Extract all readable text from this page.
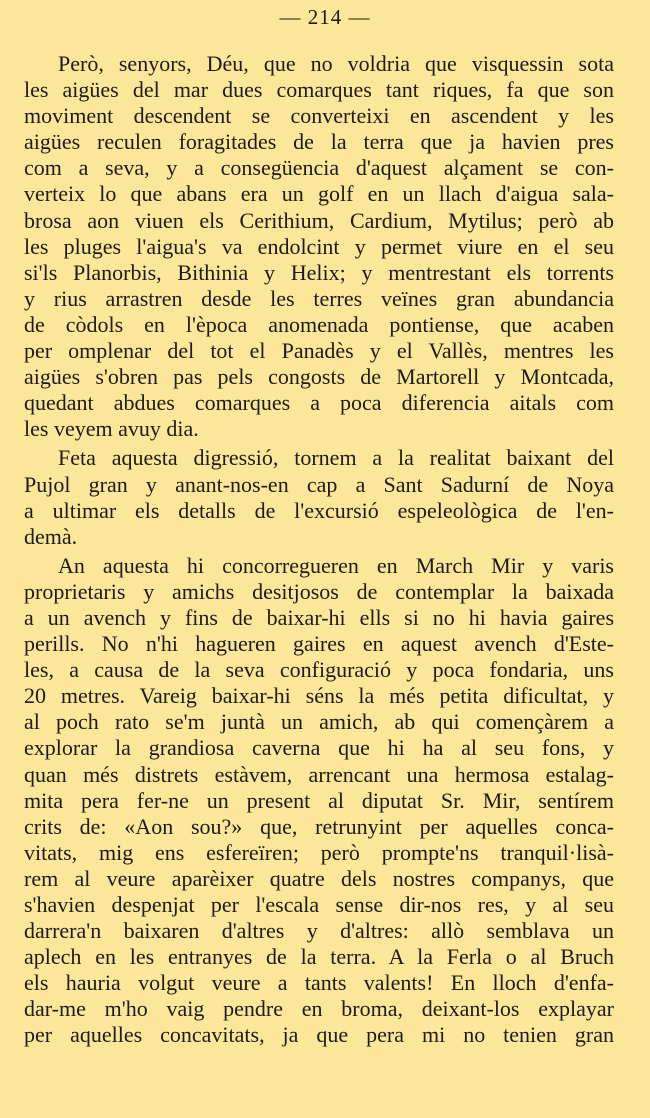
— 214 —
Però, senyors, Déu, que no voldria que visquessin sota
les aigües del mar dues comarques tant riques, fa que son
moviment descendent se converteixi en ascendent y les
aigües reculen foragitades de la terra que ja havien pres
com a seva, y a consegüencia d'aquest alçament se con-
verteix lo que abans era un golf en un llach d'aigua sala-
brosa aon viuen els Cerithium, Cardium, Mytilus; però ab
les pluges l'aigua's va endolcint y permet viure en el seu
si'ls Planorbis, Bithinia y Helix; y mentrestant els torrents
y rius arrastren desde les terres veïnes gran abundancia
de còdols en l'època anomenada pontiense, que acaben
per omplenar del tot el Panadès y el Vallès, mentres les
aigües s'obren pas pels congosts de Martorell y Montcada,
quedant abdues comarques a poca diferencia aitals com
les veyem avuy dia.
Feta aquesta digressió, tornem a la realitat baixant del
Pujol gran y anant-nos-en cap a Sant Sadurní de Noya
a ultimar els detalls de l'excursió espeleològica de l'en-
demà.
An aquesta hi concorregueren en March Mir y varis
proprietaris y amichs desitjosos de contemplar la baixada
a un avench y fins de baixar-hi ells si no hi havia gaires
perills. No n'hi hagueren gaires en aquest avench d'Este-
les, a causa de la seva configuració y poca fondaria, uns
20 metres. Vareig baixar-hi séns la més petita dificultat, y
al poch rato se'm juntà un amich, ab qui començàrem a
explorar la grandiosa caverna que hi ha al seu fons, y
quan més distrets estàvem, arrencant una hermosa estalag-
mita pera fer-ne un present al diputat Sr. Mir, sentírem
crits de: «Aon sou?» que, retrunyint per aquelles conca-
vitats, mig ens esfereïren; però prompte'ns tranquil·lisà-
rem al veure aparèixer quatre dels nostres companys, que
s'havien despenjat per l'escala sense dir-nos res, y al seu
darrera'n baixaren d'altres y d'altres: allò semblava un
aplech en les entranyes de la terra. A la Ferla o al Bruch
els hauria volgut veure a tants valents! En lloch d'enfa-
dar-me m'ho vaig pendre en broma, deixant-los explayar
per aquelles concavitats, ja que pera mi no tenien gran
